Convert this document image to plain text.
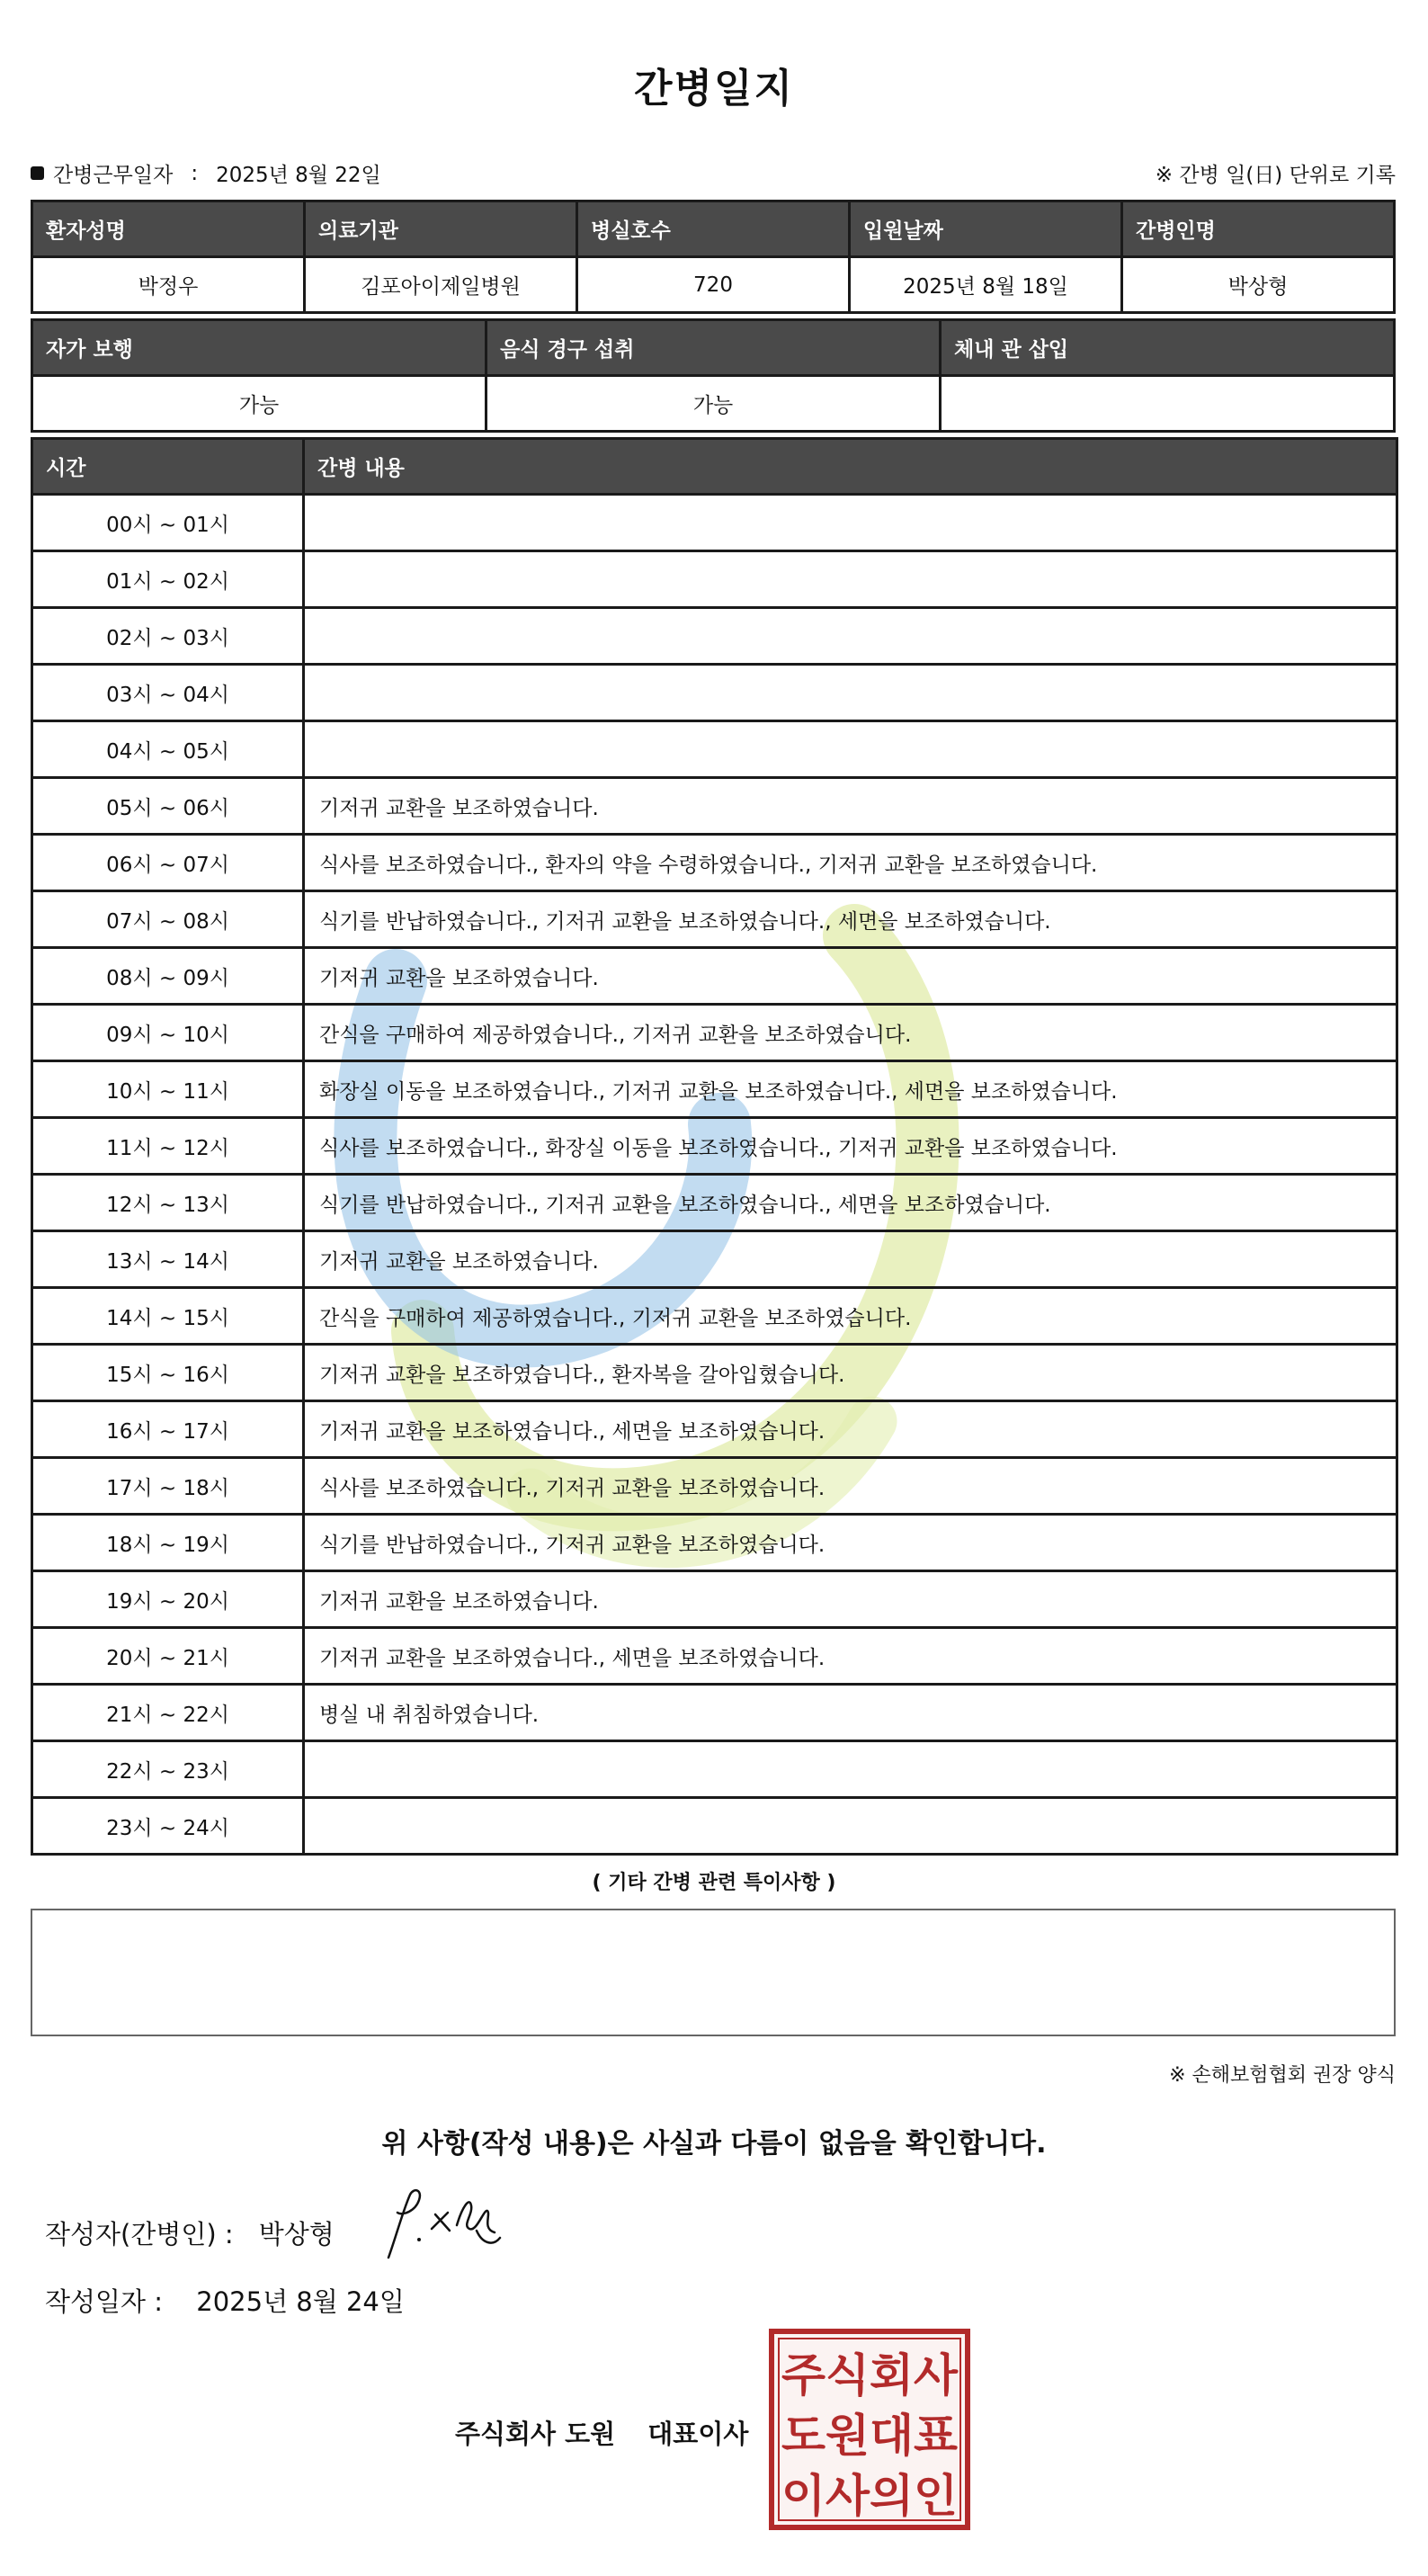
간병일지
간병근무일자 : 2025년 8월 22일	※ 간병 일(日) 단위로 기록
환자성명	의료기관	병실호수	입원날짜	간병인명
박정우	김포아이제일병원	720	2025년 8월 18일	박상형
자가 보행	음식 경구 섭취	체내 관 삽입
가능	가능	
시간	간병 내용
00시 ~ 01시	
01시 ~ 02시	
02시 ~ 03시	
03시 ~ 04시	
04시 ~ 05시	
05시 ~ 06시	기저귀 교환을 보조하였습니다.
06시 ~ 07시	식사를 보조하였습니다., 환자의 약을 수령하였습니다., 기저귀 교환을 보조하였습니다.
07시 ~ 08시	식기를 반납하였습니다., 기저귀 교환을 보조하였습니다., 세면을 보조하였습니다.
08시 ~ 09시	기저귀 교환을 보조하였습니다.
09시 ~ 10시	간식을 구매하여 제공하였습니다., 기저귀 교환을 보조하였습니다.
10시 ~ 11시	화장실 이동을 보조하였습니다., 기저귀 교환을 보조하였습니다., 세면을 보조하였습니다.
11시 ~ 12시	식사를 보조하였습니다., 화장실 이동을 보조하였습니다., 기저귀 교환을 보조하였습니다.
12시 ~ 13시	식기를 반납하였습니다., 기저귀 교환을 보조하였습니다., 세면을 보조하였습니다.
13시 ~ 14시	기저귀 교환을 보조하였습니다.
14시 ~ 15시	간식을 구매하여 제공하였습니다., 기저귀 교환을 보조하였습니다.
15시 ~ 16시	기저귀 교환을 보조하였습니다., 환자복을 갈아입혔습니다.
16시 ~ 17시	기저귀 교환을 보조하였습니다., 세면을 보조하였습니다.
17시 ~ 18시	식사를 보조하였습니다., 기저귀 교환을 보조하였습니다.
18시 ~ 19시	식기를 반납하였습니다., 기저귀 교환을 보조하였습니다.
19시 ~ 20시	기저귀 교환을 보조하였습니다.
20시 ~ 21시	기저귀 교환을 보조하였습니다., 세면을 보조하였습니다.
21시 ~ 22시	병실 내 취침하였습니다.
22시 ~ 23시	
23시 ~ 24시	
( 기타 간병 관련 특이사항 )
※ 손해보험협회 권장 양식
위 사항(작성 내용)은 사실과 다름이 없음을 확인합니다.
작성자(간병인) : 박상형
작성일자 : 2025년 8월 24일
주식회사 도원 대표이사
주식회사
도원대표
이사의인
